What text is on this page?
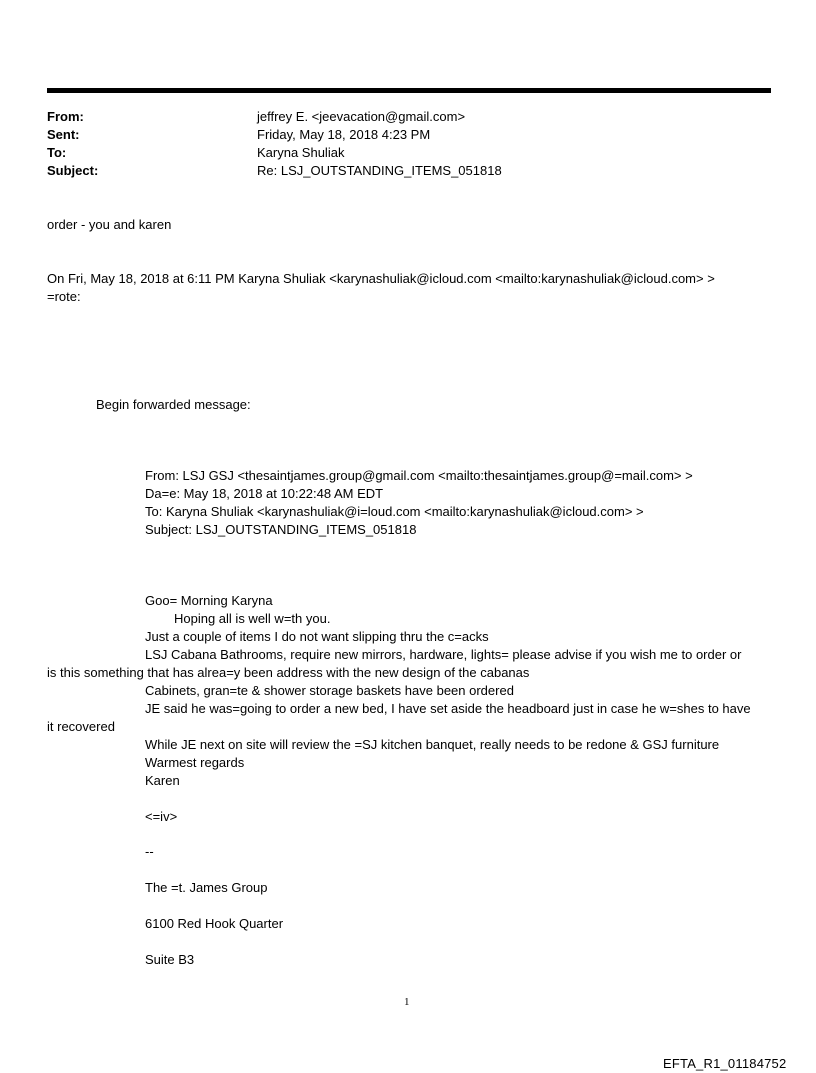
From:	jeffrey E. <jeevacation@gmail.com>
Sent:	Friday, May 18, 2018 4:23 PM
To:	Karyna Shuliak
Subject:	Re: LSJ_OUTSTANDING_ITEMS_051818
order - you and karen
On Fri, May 18, 2018 at 6:11 PM Karyna Shuliak <karynashuliak@icloud.com <mailto:karynashuliak@icloud.com> >
=rote:
Begin forwarded message:
From: LSJ GSJ <thesaintjames.group@gmail.com <mailto:thesaintjames.group@=mail.com> >
Da=e: May 18, 2018 at 10:22:48 AM EDT
To: Karyna Shuliak <karynashuliak@i=loud.com <mailto:karynashuliak@icloud.com> >
Subject: LSJ_OUTSTANDING_ITEMS_051818
Goo= Morning Karyna
Hoping all is well w=th you.
Just a couple of items I do not want slipping thru the c=acks
LSJ Cabana Bathrooms, require new mirrors, hardware, lights= please advise if you wish me to order or
is this something that has alrea=y been address with the new design of the cabanas
Cabinets, gran=te & shower storage baskets have been ordered
JE said he was=going to order a new bed, I have set aside the headboard just in case he w=shes to have
it recovered
While JE next on site will review the =SJ kitchen banquet, really needs to be redone & GSJ furniture
Warmest regards
Karen
<=iv>
--
The =t. James Group
6100 Red Hook Quarter
Suite B3
1
EFTA_R1_01184752
